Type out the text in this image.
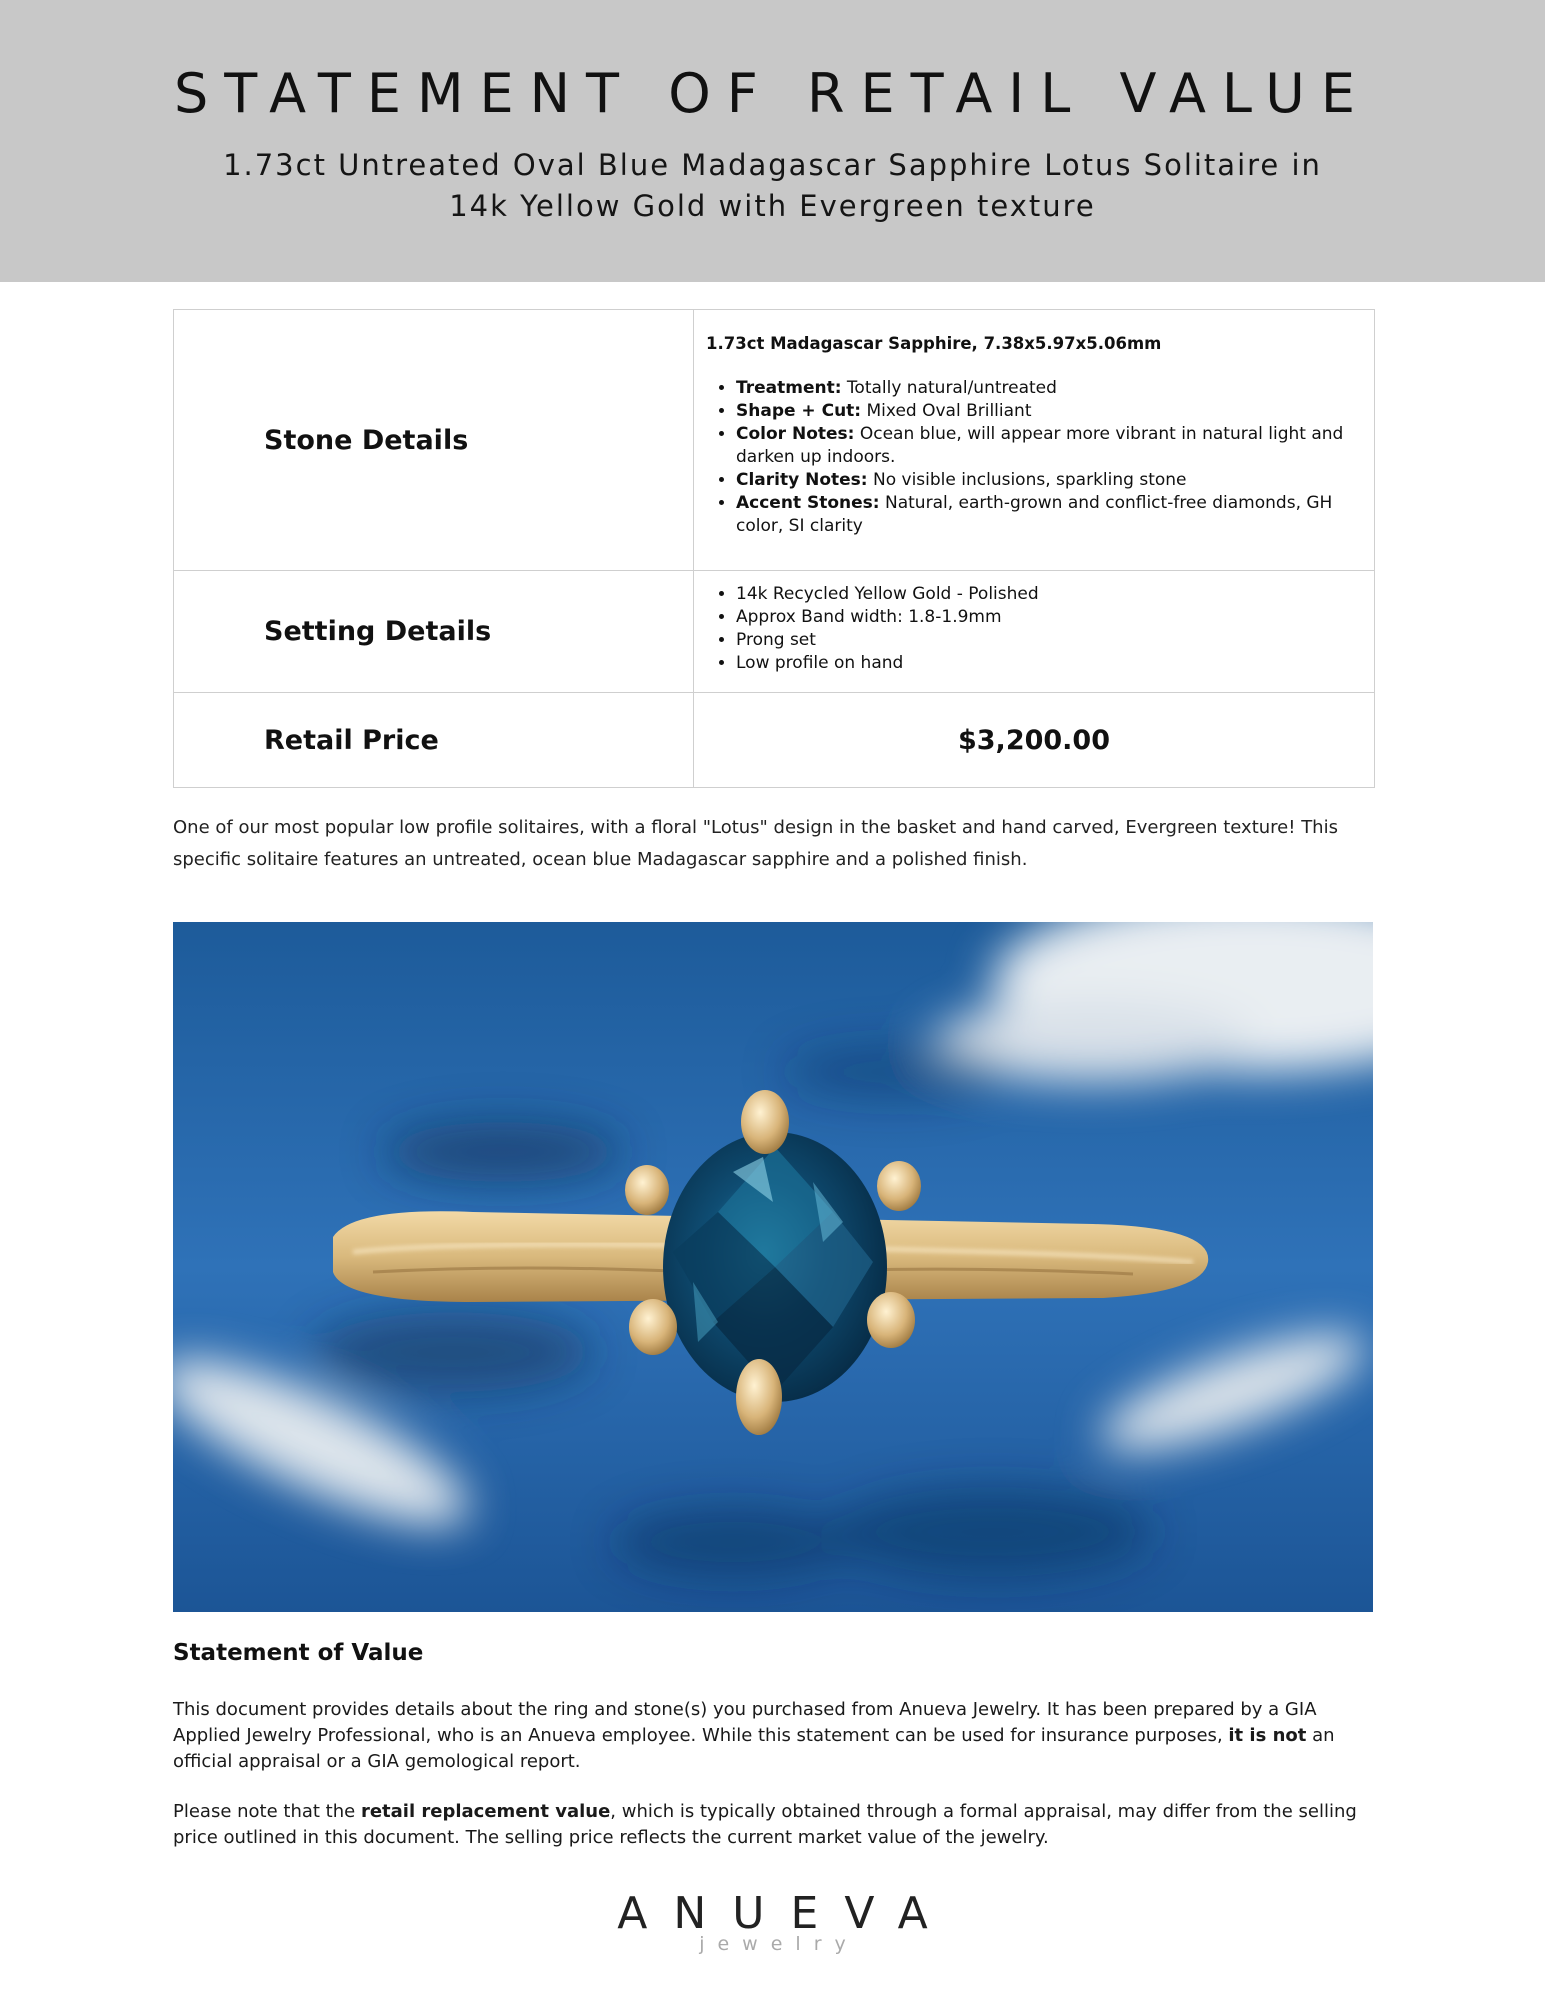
STATEMENT OF RETAIL VALUE
1.73ct Untreated Oval Blue Madagascar Sapphire Lotus Solitaire in
14k Yellow Gold with Evergreen texture
Stone Details
1.73ct Madagascar Sapphire, 7.38x5.97x5.06mm
• Treatment: Totally natural/untreated
• Shape + Cut: Mixed Oval Brilliant
• Color Notes: Ocean blue, will appear more vibrant in natural light and darken up indoors.
• Clarity Notes: No visible inclusions, sparkling stone
• Accent Stones: Natural, earth-grown and conflict-free diamonds, GH color, SI clarity
Setting Details
• 14k Recycled Yellow Gold - Polished
• Approx Band width: 1.8-1.9mm
• Prong set
• Low profile on hand
Retail Price	$3,200.00
One of our most popular low profile solitaires, with a floral "Lotus" design in the basket and hand carved, Evergreen texture! This specific solitaire features an untreated, ocean blue Madagascar sapphire and a polished finish.
Statement of Value
This document provides details about the ring and stone(s) you purchased from Anueva Jewelry. It has been prepared by a GIA Applied Jewelry Professional, who is an Anueva employee. While this statement can be used for insurance purposes, it is not an official appraisal or a GIA gemological report.
Please note that the retail replacement value, which is typically obtained through a formal appraisal, may differ from the selling price outlined in this document. The selling price reflects the current market value of the jewelry.
ANUEVA
jewelry
